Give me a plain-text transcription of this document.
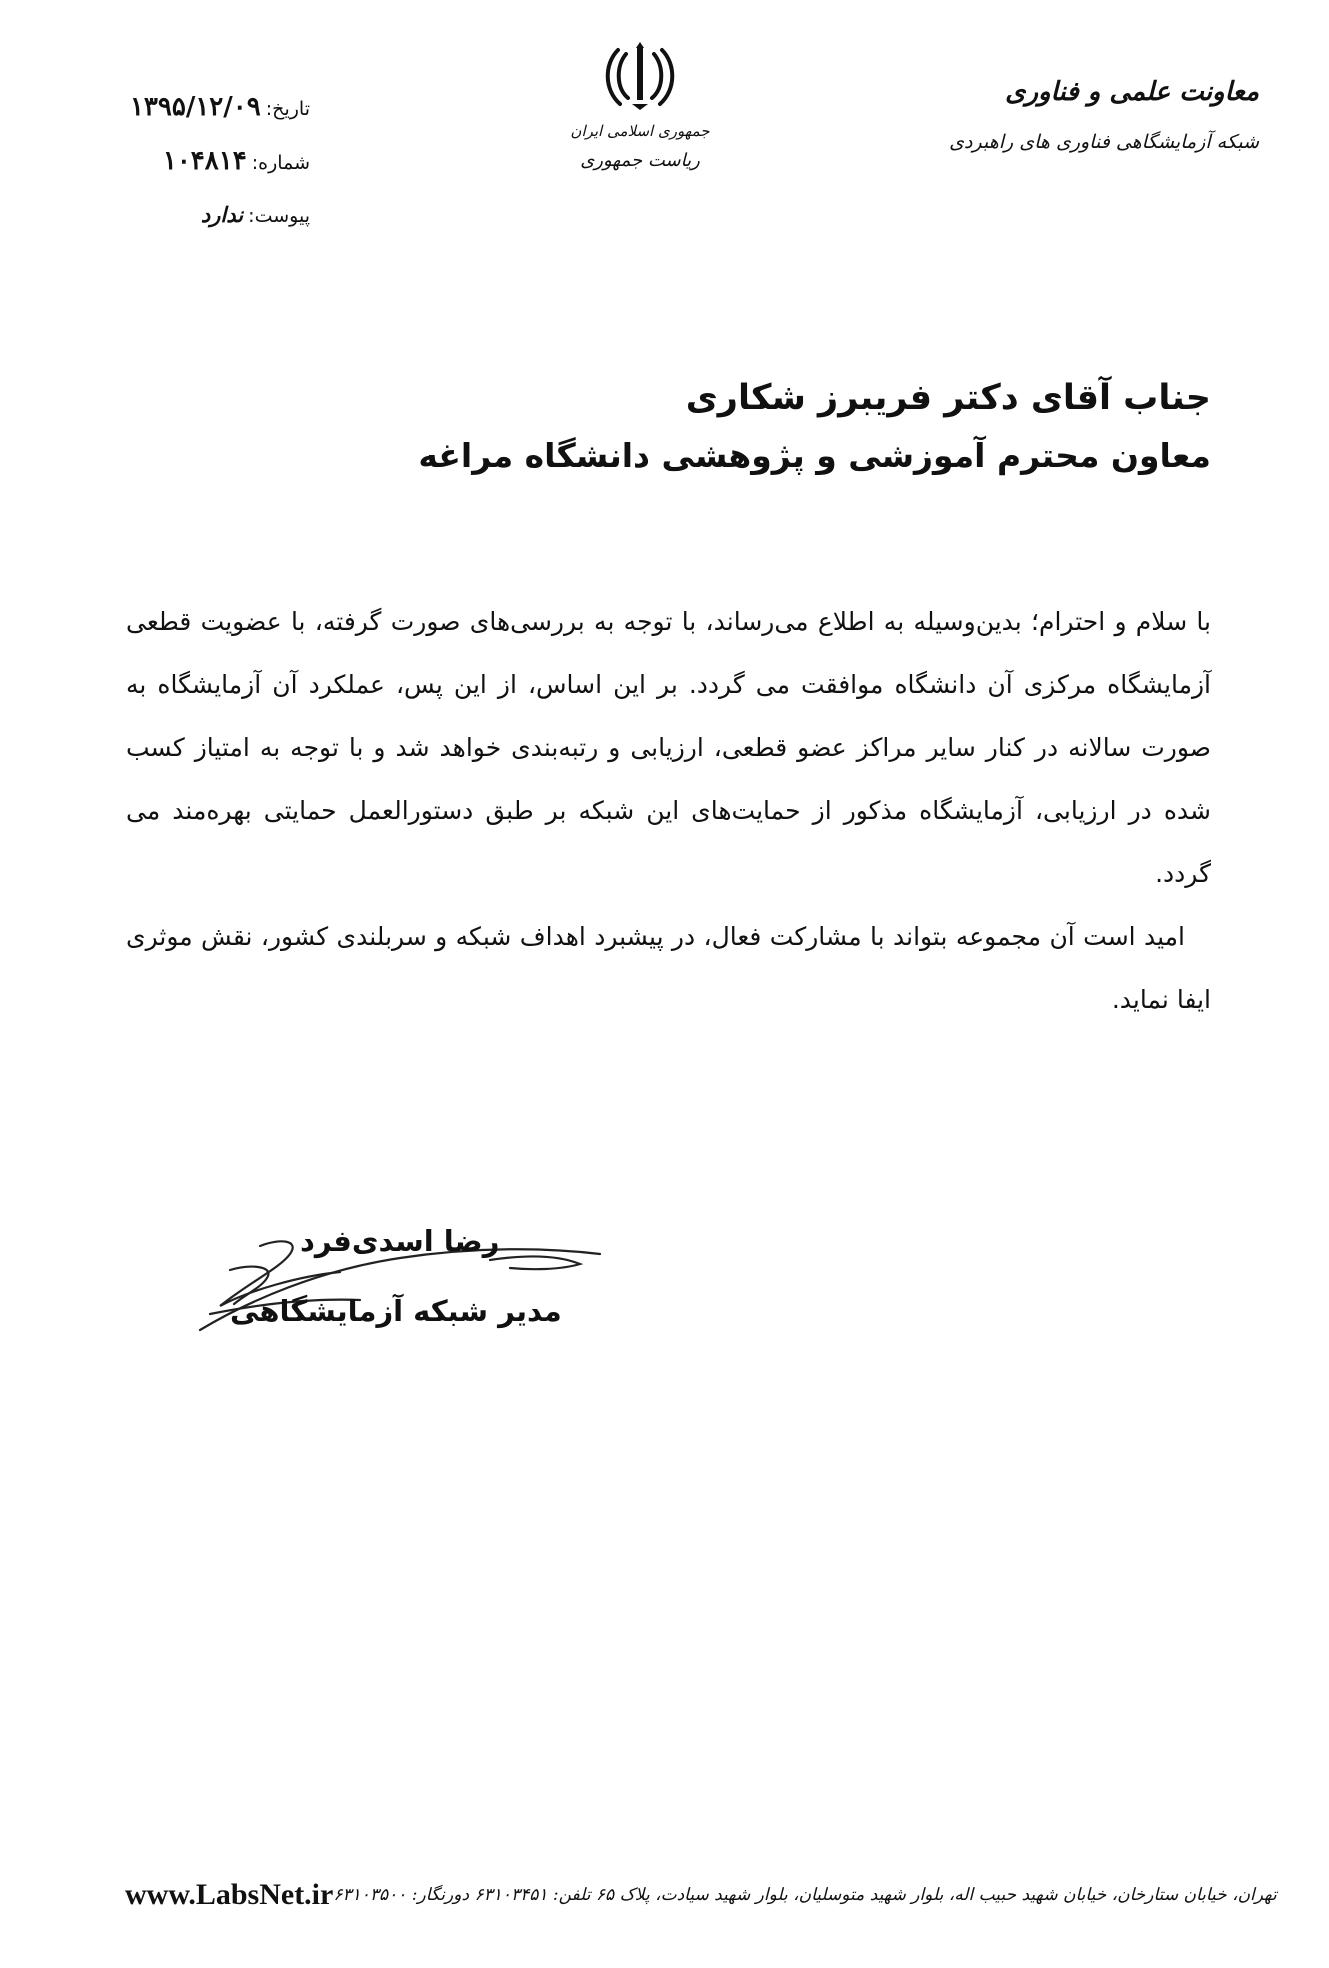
معاونت علمی و فناوری
شبکه آزمایشگاهی فناوری های راهبردی
جمهوری اسلامی ایران
ریاست جمهوری
تاریخ: ۱۳۹۵/۱۲/۰۹
شماره: ۱۰۴۸۱۴
پیوست: ندارد
جناب آقای دکتر فریبرز شکاری
معاون محترم آموزشی و پژوهشی دانشگاه مراغه

با سلام و احترام؛ بدین‌وسیله به اطلاع می‌رساند، با توجه به بررسی‌های صورت گرفته، با عضویت قطعی آزمایشگاه مرکزی آن دانشگاه موافقت می گردد. بر این اساس، از این پس، عملکرد آن آزمایشگاه به صورت سالانه در کنار سایر مراکز عضو قطعی، ارزیابی و رتبه‌بندی خواهد شد و با توجه به امتیاز کسب شده در ارزیابی، آزمایشگاه مذکور از حمایت‌های این شبکه بر طبق دستورالعمل حمایتی بهره‌مند می گردد.

امید است آن مجموعه بتواند با مشارکت فعال، در پیشبرد اهداف شبکه و سربلندی کشور، نقش موثری ایفا نماید.

رضا اسدی‌فرد
مدیر شبکه آزمایشگاهی
www.LabsNet.ir تهران، خیابان ستارخان، خیابان شهید حبیب اله، بلوار شهید متوسلیان، بلوار شهید سیادت، پلاک ۶۵ تلفن: ۶۳۱۰۳۴۵۱ دورنگار: ۶۳۱۰۳۵۰۰
